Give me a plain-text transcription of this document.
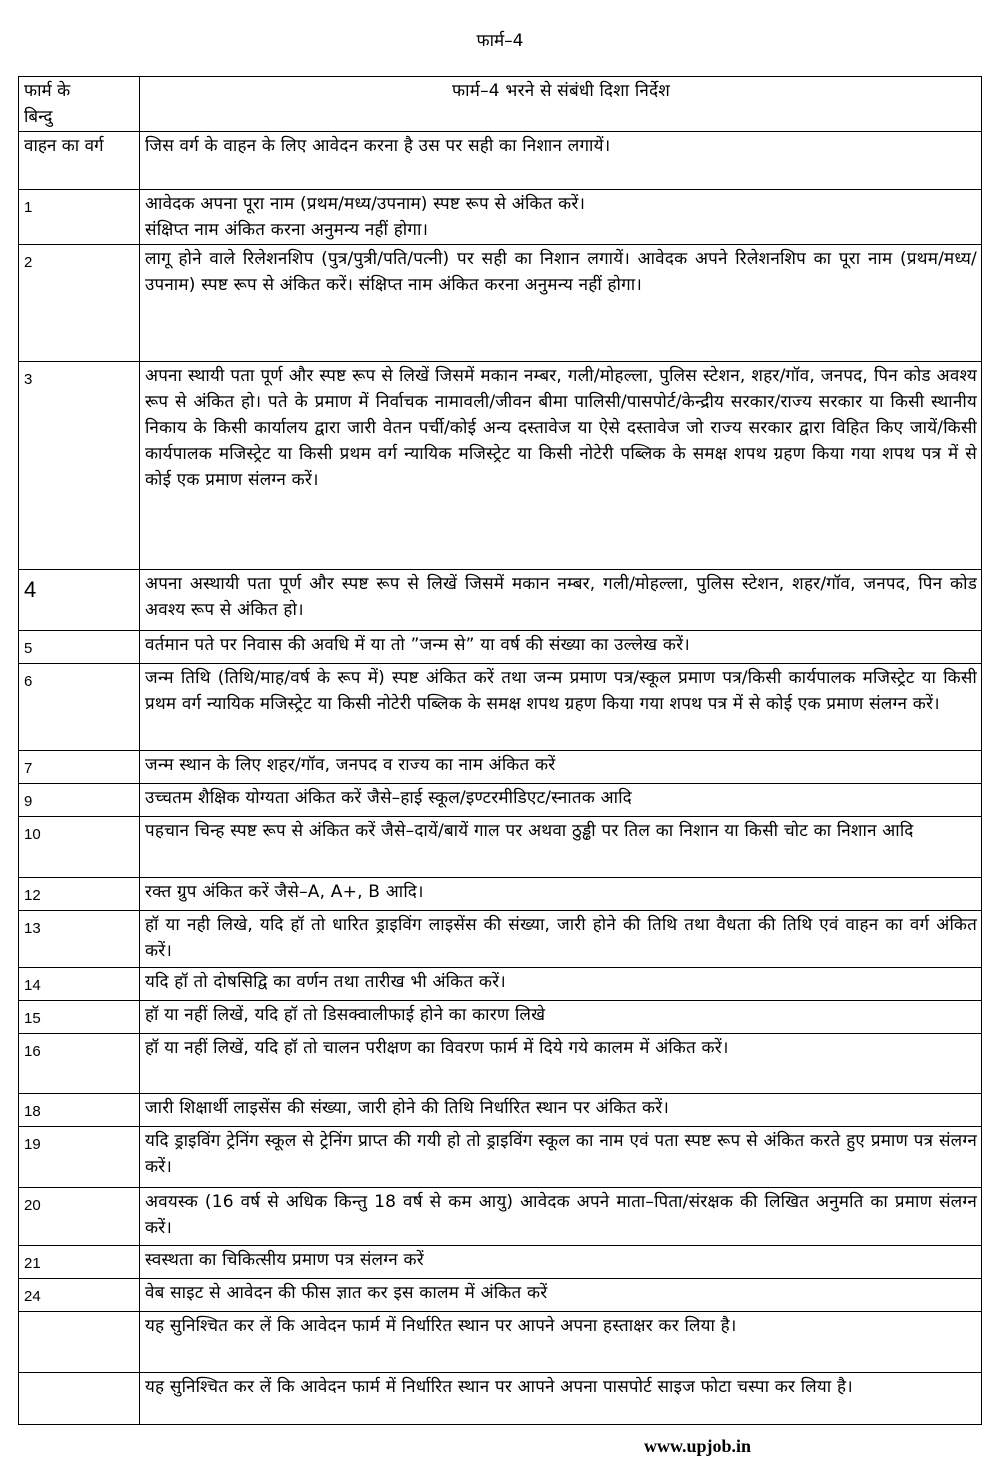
फार्म–4
फार्म के
बिन्दु	फार्म–4 भरने से संबंधी दिशा निर्देश
वाहन का वर्ग	जिस वर्ग के वाहन के लिए आवेदन करना है उस पर सही का निशान लगायें।
1	आवेदक अपना पूरा नाम (प्रथम/मध्य/उपनाम) स्पष्ट रूप से अंकित करें।
संक्षिप्त नाम अंकित करना अनुमन्य नहीं होगा।
2	लागू होने वाले रिलेशनशिप (पुत्र/पुत्री/पति/पत्नी) पर सही का निशान लगायें। आवेदक अपने रिलेशनशिप का पूरा नाम (प्रथम/मध्य/उपनाम) स्पष्ट रूप से अंकित करें। संक्षिप्त नाम अंकित करना अनुमन्य नहीं होगा।
3	अपना स्थायी पता पूर्ण और स्पष्ट रूप से लिखें जिसमें मकान नम्बर, गली/मोहल्ला, पुलिस स्टेशन, शहर/गॉव, जनपद, पिन कोड अवश्य रूप से अंकित हो। पते के प्रमाण में निर्वाचक नामावली/जीवन बीमा पालिसी/पासपोर्ट/केन्द्रीय सरकार/राज्य सरकार या किसी स्थानीय निकाय के किसी कार्यालय द्वारा जारी वेतन पर्ची/कोई अन्य दस्तावेज या ऐसे दस्तावेज जो राज्य सरकार द्वारा विहित किए जायें/किसी कार्यपालक मजिस्ट्रेट या किसी प्रथम वर्ग न्यायिक मजिस्ट्रेट या किसी नोटेरी पब्लिक के समक्ष शपथ ग्रहण किया गया शपथ पत्र में से कोई एक प्रमाण संलग्न करें।
4	अपना अस्थायी पता पूर्ण और स्पष्ट रूप से लिखें जिसमें मकान नम्बर, गली/मोहल्ला, पुलिस स्टेशन, शहर/गॉव, जनपद, पिन कोड अवश्य रूप से अंकित हो।
5	वर्तमान पते पर निवास की अवधि में या तो ”जन्म से” या वर्ष की संख्या का उल्लेख करें।
6	जन्म तिथि (तिथि/माह/वर्ष के रूप में) स्पष्ट अंकित करें तथा जन्म प्रमाण पत्र/स्कूल प्रमाण पत्र/किसी कार्यपालक मजिस्ट्रेट या किसी प्रथम वर्ग न्यायिक मजिस्ट्रेट या किसी नोटेरी पब्लिक के समक्ष शपथ ग्रहण किया गया शपथ पत्र में से कोई एक प्रमाण संलग्न करें।
7	जन्म स्थान के लिए शहर/गॉव, जनपद व राज्य का नाम अंकित करें
9	उच्चतम शैक्षिक योग्यता अंकित करें जैसे–हाई स्कूल/इण्टरमीडिएट/स्नातक आदि
10	पहचान चिन्ह स्पष्ट रूप से अंकित करें जैसे–दायें/बायें गाल पर अथवा ठुड्ढी पर तिल का निशान या किसी चोट का निशान आदि
12	रक्त ग्रुप अंकित करें जैसे–A, A+, B आदि।
13	हॉ या नही लिखे, यदि हॉ तो धारित ड्राइविंग लाइसेंस की संख्या, जारी होने की तिथि तथा वैधता की तिथि एवं वाहन का वर्ग अंकित करें।
14	यदि हॉ तो दोषसिद्वि का वर्णन तथा तारीख भी अंकित करें।
15	हॉ या नहीं लिखें, यदि हॉ तो डिसक्वालीफाई होने का कारण लिखे
16	हॉ या नहीं लिखें, यदि हॉ तो चालन परीक्षण का विवरण फार्म में दिये गये कालम में अंकित करें।
18	जारी शिक्षार्थी लाइसेंस की संख्या, जारी होने की तिथि निर्धारित स्थान पर अंकित करें।
19	यदि ड्राइविंग ट्रेनिंग स्कूल से ट्रेनिंग प्राप्त की गयी हो तो ड्राइविंग स्कूल का नाम एवं पता स्पष्ट रूप से अंकित करते हुए प्रमाण पत्र संलग्न करें।
20	अवयस्क (16 वर्ष से अधिक किन्तु 18 वर्ष से कम आयु) आवेदक अपने माता–पिता/संरक्षक की लिखित अनुमति का प्रमाण संलग्न करें।
21	स्वस्थता का चिकित्सीय प्रमाण पत्र संलग्न करें
24	वेब साइट से आवेदन की फीस ज्ञात कर इस कालम में अंकित करें
	यह सुनिश्चित कर लें कि आवेदन फार्म में निर्धारित स्थान पर आपने अपना हस्ताक्षर कर लिया है।
	यह सुनिश्चित कर लें कि आवेदन फार्म में निर्धारित स्थान पर आपने अपना पासपोर्ट साइज फोटा चस्पा कर लिया है।
www.upjob.in
